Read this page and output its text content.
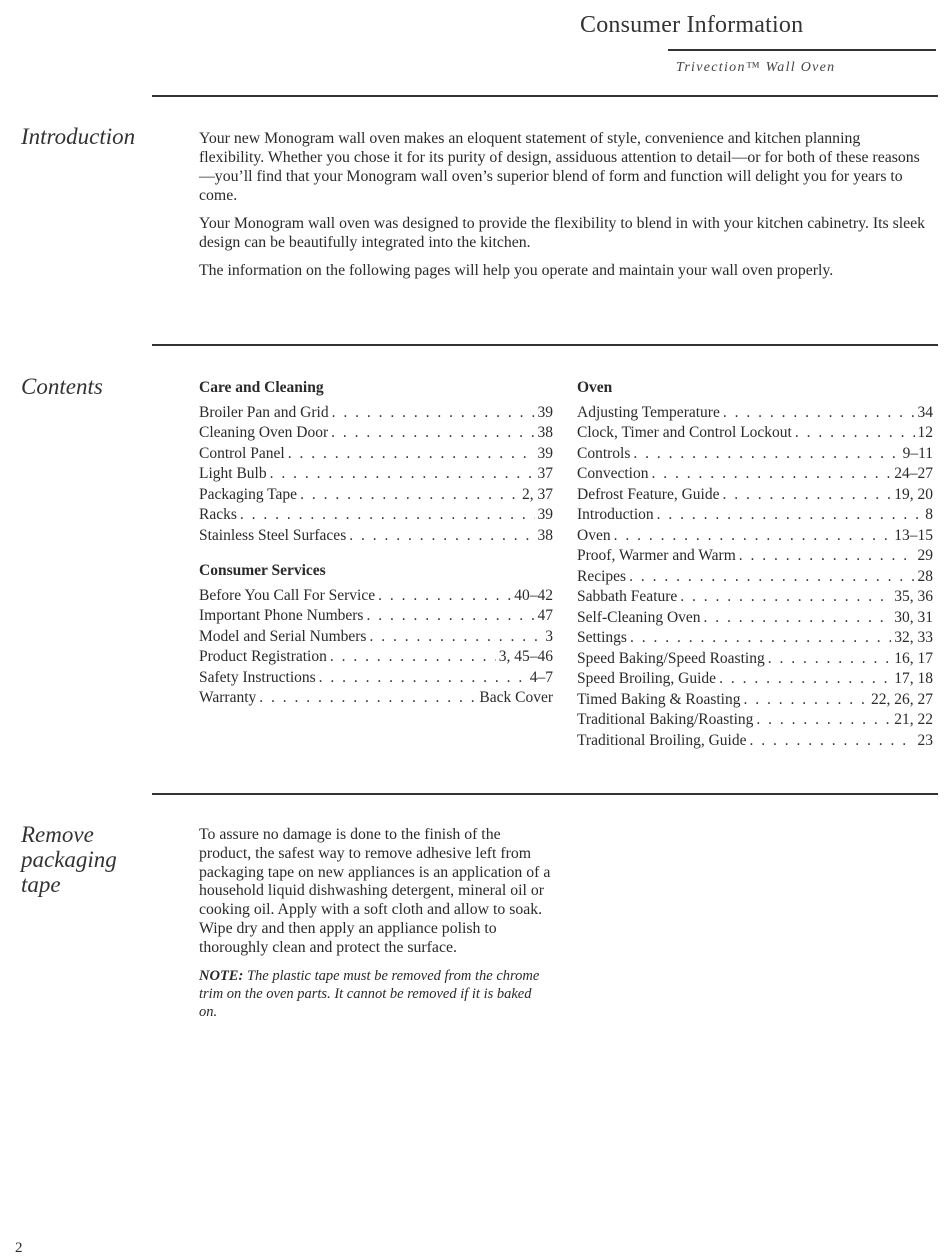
Consumer Information
Trivection™ Wall Oven
Introduction	Your new Monogram wall oven makes an eloquent statement of style, convenience and kitchen planning flexibility. Whether you chose it for its purity of design, assiduous attention to detail—or for both of these reasons—you’ll find that your Monogram wall oven’s superior blend of form and function will delight you for years to come.

Your Monogram wall oven was designed to provide the flexibility to blend in with your kitchen cabinetry. Its sleek design can be beautifully integrated into the kitchen.

The information on the following pages will help you operate and maintain your wall oven properly.

Contents	Care and Cleaning
Broiler Pan and Grid . . .	39
Cleaning Oven Door . . .	38
Control Panel . . .	39
Light Bulb . . .	37
Packaging Tape . . .	2, 37
Racks . . .	39
Stainless Steel Surfaces . . .	38
Consumer Services
Before You Call For Service . . .	40–42
Important Phone Numbers . . .	47
Model and Serial Numbers . . .	3
Product Registration . . .	3, 45–46
Safety Instructions . . .	4–7
Warranty . . .	Back Cover
Oven
Adjusting Temperature . . .	34
Clock, Timer and Control Lockout . . .	12
Controls . . .	9–11
Convection . . .	24–27
Defrost Feature, Guide . . .	19, 20
Introduction . . .	8
Oven . . .	13–15
Proof, Warmer and Warm . . .	29
Recipes . . .	28
Sabbath Feature . . .	35, 36
Self-Cleaning Oven . . .	30, 31
Settings . . .	32, 33
Speed Baking/Speed Roasting . . .	16, 17
Speed Broiling, Guide . . .	17, 18
Timed Baking & Roasting . . .	22, 26, 27
Traditional Baking/Roasting . . .	21, 22
Traditional Broiling, Guide . . .	23
Remove
packaging
tape

To assure no damage is done to the finish of the product, the safest way to remove adhesive left from packaging tape on new appliances is an application of a household liquid dishwashing detergent, mineral oil or cooking oil. Apply with a soft cloth and allow to soak. Wipe dry and then apply an appliance polish to thoroughly clean and protect the surface.

NOTE: The plastic tape must be removed from the chrome trim on the oven parts. It cannot be removed if it is baked on.

2
